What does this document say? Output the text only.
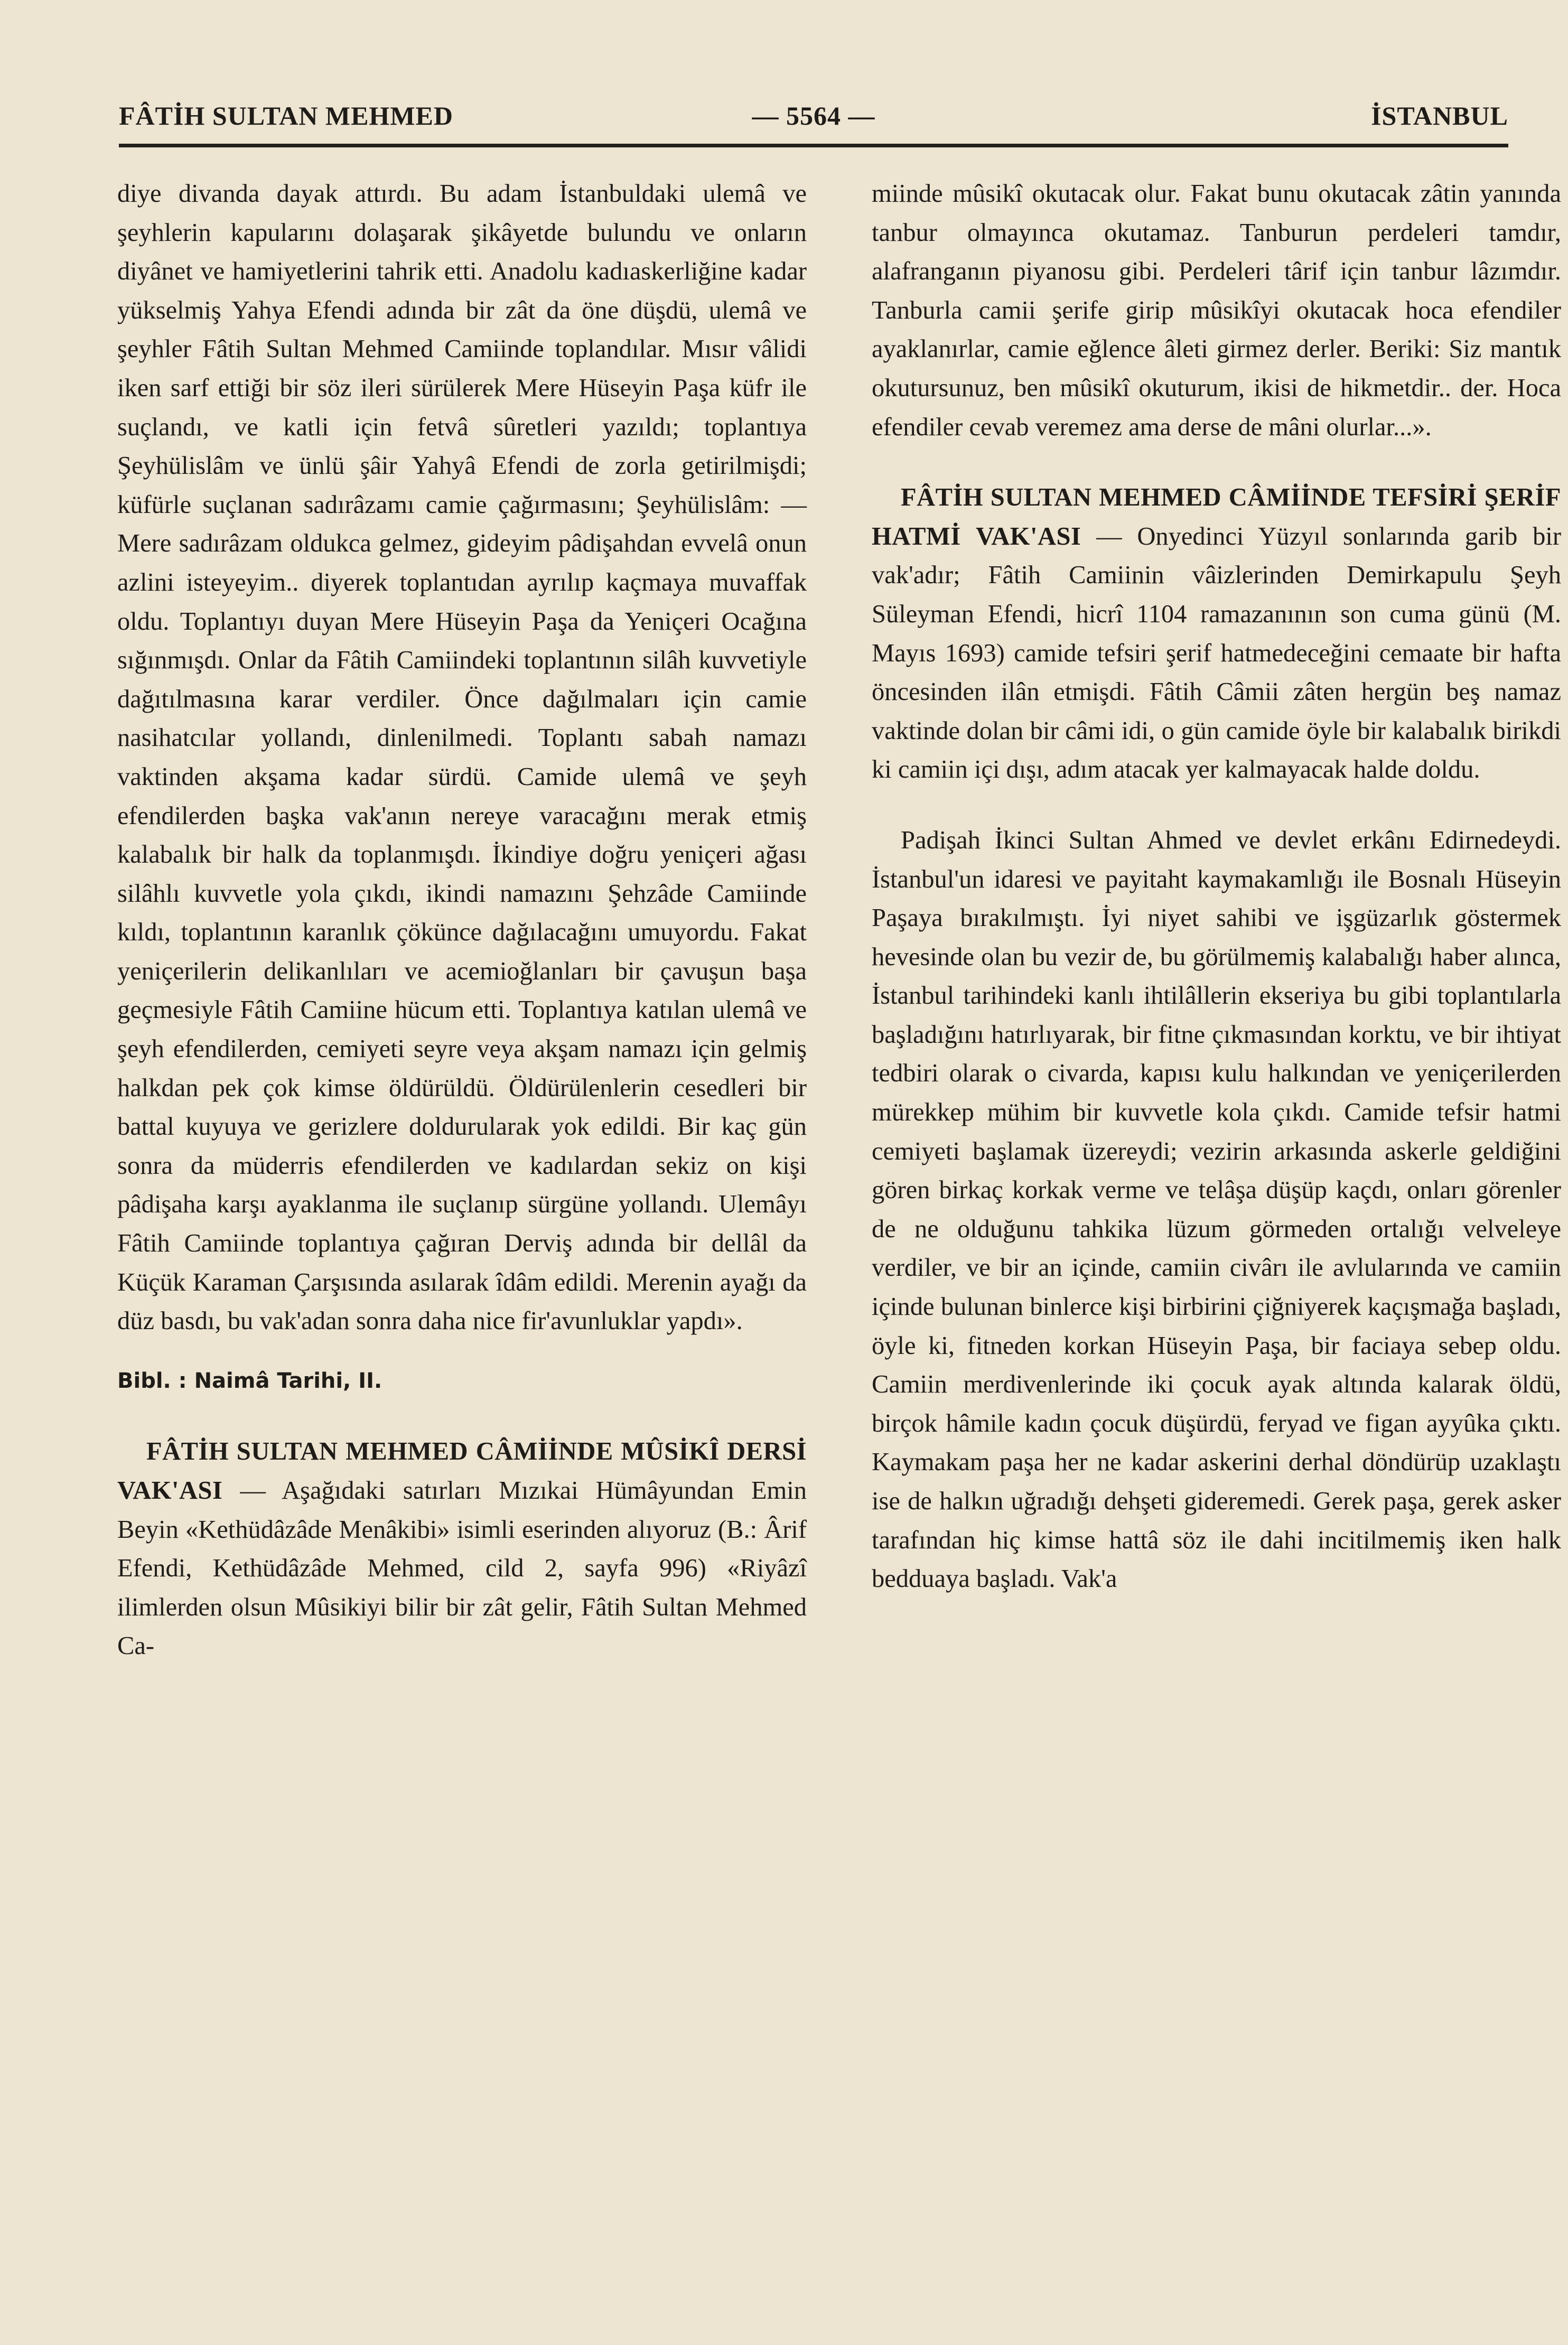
FÂTİH SULTAN MEHMED	— 5564 —	İSTANBUL

diye divanda dayak attırdı. Bu adam İstanbuldaki ulemâ ve şeyhlerin kapularını dolaşarak şikâyetde bulundu ve onların diyânet ve hamiyetlerini tahrik etti. Anadolu kadıaskerliğine kadar yükselmiş Yahya Efendi adında bir zât da öne düşdü, ulemâ ve şeyhler Fâtih Sultan Mehmed Camiinde toplandılar. Mısır vâlidi iken sarf ettiği bir söz ileri sürülerek Mere Hüseyin Paşa küfr ile suçlandı, ve katli için fetvâ sûretleri yazıldı; toplantıya Şeyhülislâm ve ünlü şâir Yahyâ Efendi de zorla getirilmişdi; küfürle suçlanan sadırâzamı camie çağırmasını; Şeyhülislâm: — Mere sadırâzam oldukca gelmez, gideyim pâdişahdan evvelâ onun azlini isteyeyim.. diyerek toplantıdan ayrılıp kaçmaya muvaffak oldu. Toplantıyı duyan Mere Hüseyin Paşa da Yeniçeri Ocağına sığınmışdı. Onlar da Fâtih Camiindeki toplantının silâh kuvvetiyle dağıtılmasına karar verdiler. Önce dağılmaları için camie nasihatcılar yollandı, dinlenilmedi. Toplantı sabah namazı vaktinden akşama kadar sürdü. Camide ulemâ ve şeyh efendilerden başka vak'anın nereye varacağını merak etmiş kalabalık bir halk da toplanmışdı. İkindiye doğru yeniçeri ağası silâhlı kuvvetle yola çıkdı, ikindi namazını Şehzâde Camiinde kıldı, toplantının karanlık çökünce dağılacağını umuyordu. Fakat yeniçerilerin delikanlıları ve acemioğlanları bir çavuşun başa geçmesiyle Fâtih Camiine hücum etti. Toplantıya katılan ulemâ ve şeyh efendilerden, cemiyeti seyre veya akşam namazı için gelmiş halkdan pek çok kimse öldürüldü. Öldürülenlerin cesedleri bir battal kuyuya ve gerizlere doldurularak yok edildi. Bir kaç gün sonra da müderris efendilerden ve kadılardan sekiz on kişi pâdişaha karşı ayaklanma ile suçlanıp sürgüne yollandı. Ulemâyı Fâtih Camiinde toplantıya çağıran Derviş adında bir dellâl da Küçük Karaman Çarşısında asılarak îdâm edildi. Merenin ayağı da düz basdı, bu vak'adan sonra daha nice fir'avunluklar yapdı».

Bibl. : Naimâ Tarihi, II.

FÂTİH SULTAN MEHMED CÂMİİNDE MÛSİKÎ DERSİ VAK'ASI — Aşağıdaki satırları Mızıkai Hümâyundan Emin Beyin «Kethüdâzâde Menâkibi» isimli eserinden alıyoruz (B.: Ârif Efendi, Kethüdâzâde Mehmed, cild 2, sayfa 996) «Riyâzî ilimlerden olsun Mûsikiyi bilir bir zât gelir, Fâtih Sultan Mehmed Ca-

miinde mûsikî okutacak olur. Fakat bunu okutacak zâtin yanında tanbur olmayınca okutamaz. Tanburun perdeleri tamdır, alafranganın piyanosu gibi. Perdeleri târif için tanbur lâzımdır. Tanburla camii şerife girip mûsikîyi okutacak hoca efendiler ayaklanırlar, camie eğlence âleti girmez derler. Beriki: Siz mantık okutursunuz, ben mûsikî okuturum, ikisi de hikmetdir.. der. Hoca efendiler cevab veremez ama derse de mâni olurlar...».

FÂTİH SULTAN MEHMED CÂMİİNDE TEFSİRİ ŞERİF HATMİ VAK'ASI — Onyedinci Yüzyıl sonlarında garib bir vak'adır; Fâtih Camiinin vâizlerinden Demirkapulu Şeyh Süleyman Efendi, hicrî 1104 ramazanının son cuma günü (M. Mayıs 1693) camide tefsiri şerif hatmedeceğini cemaate bir hafta öncesinden ilân etmişdi. Fâtih Câmii zâten hergün beş namaz vaktinde dolan bir câmi idi, o gün camide öyle bir kalabalık birikdi ki camiin içi dışı, adım atacak yer kalmayacak halde doldu.

Padişah İkinci Sultan Ahmed ve devlet erkânı Edirnedeydi. İstanbul'un idaresi ve payitaht kaymakamlığı ile Bosnalı Hüseyin Paşaya bırakılmıştı. İyi niyet sahibi ve işgüzarlık göstermek hevesinde olan bu vezir de, bu görülmemiş kalabalığı haber alınca, İstanbul tarihindeki kanlı ihtilâllerin ekseriya bu gibi toplantılarla başladığını hatırlıyarak, bir fitne çıkmasından korktu, ve bir ihtiyat tedbiri olarak o civarda, kapısı kulu halkından ve yeniçerilerden mürekkep mühim bir kuvvetle kola çıkdı. Camide tefsir hatmi cemiyeti başlamak üzereydi; vezirin arkasında askerle geldiğini gören birkaç korkak verme ve telâşa düşüp kaçdı, onları görenler de ne olduğunu tahkika lüzum görmeden ortalığı velveleye verdiler, ve bir an içinde, camiin civârı ile avlularında ve camiin içinde bulunan binlerce kişi birbirini çiğniyerek kaçışmağa başladı, öyle ki, fitneden korkan Hüseyin Paşa, bir faciaya sebep oldu. Camiin merdivenlerinde iki çocuk ayak altında kalarak öldü, birçok hâmile kadın çocuk düşürdü, feryad ve figan ayyûka çıktı. Kaymakam paşa her ne kadar askerini derhal döndürüp uzaklaştı ise de halkın uğradığı dehşeti gideremedi. Gerek paşa, gerek asker tarafından hiç kimse hattâ söz ile dahi incitilmemiş iken halk bedduaya başladı. Vak'a
